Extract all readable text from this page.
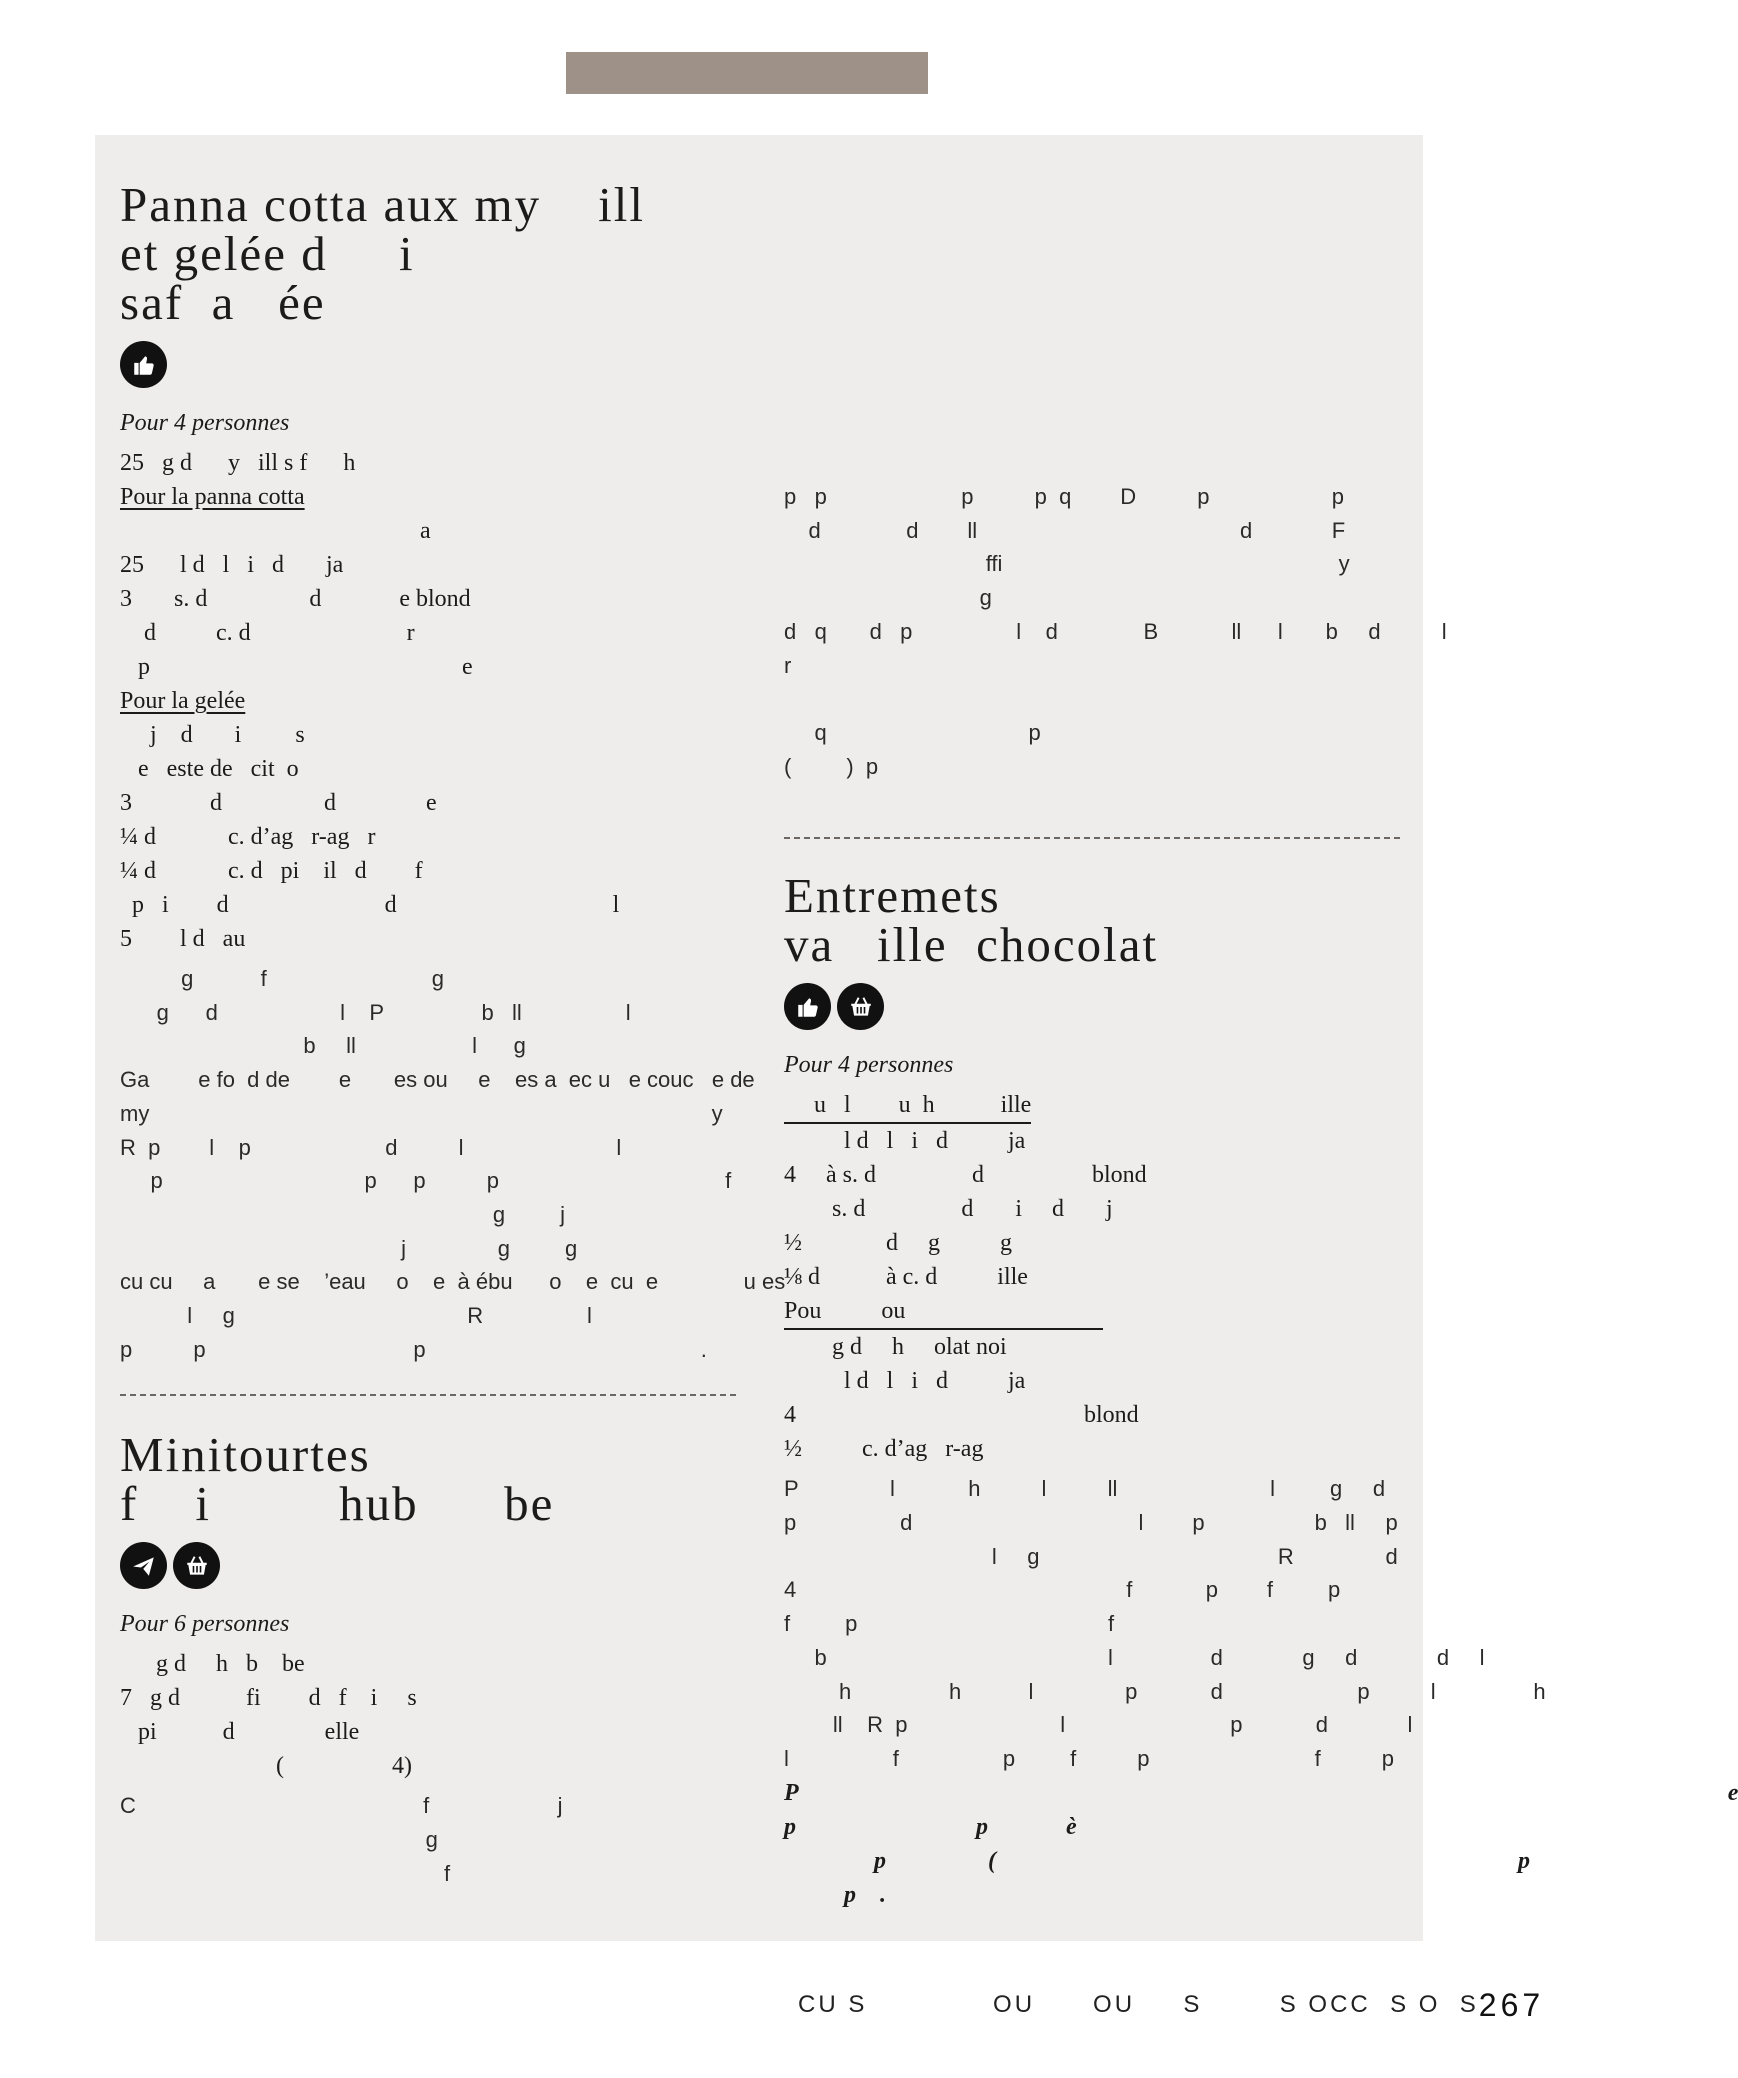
Panna cotta aux my    ill
et gelée d     i
saf  a   ée
Pour 4 personnes

25   g d      y   ill s f      h

Pour la panna cotta

a

25      l d   l   i   d       ja

3       s. d                 d             e blond

d          c. d                          r

p                                                    e

Pour la gelée

j    d       i         s

e   este de   cit  o

3             d                 d               e

¼ d            c. d’ag   r-ag   r

¼ d            c. d   pi    il   d        f

p   i        d                          d                                    l

5        l d   au

g           f                           g

g      d                    l    P                b   ll                 l

b     ll                   l      g

Ga        e fo  d de        e       es ou     e    es a  ec u   e couc   e de

my                                                                                            y

R  p        l    p                      d          l                         l

p                                 p      p          p                                     f

g         j

j               g         g

cu cu     a       e se    ’eau     o    e  à ébu      o    e  cu  e              u es

l     g                                      R                 l

p          p                                  p                                             .

Minitourtes
f    i         hub      be
Pour 6 personnes

g d     h   b    be

7   g d           fi        d   f    i     s

pi           d               elle

(                  4)

C                                               f                     j

g

f

p   p                      p          p  q        D          p                    p

d              d        ll                                           d             F

ffi                                                       y

g

d   q       d   p                 l    d              B            ll      l       b     d          l

r

q                                 p

(         )  p

Entremets
va   ille  chocolat
Pour 4 personnes
u   l        u  h           ille

l d   l   i   d          ja

4     à s. d                d                  blond

s. d                d       i     d       j

½              d     g          g

⅛ d           à c. d          ille

Pou          ou

g d     h     olat noi

l d   l   i   d          ja

4                                                blond

½          c. d’ag   r-ag

P               l            h          l          ll                         l         g     d

p                 d                                     l        p                  b   ll     p

l     g                                       R               d

4                                                      f            p        f         p

f         p                                         f

b                                              l                d             g     d             d     l

h                h           l               p            d                      p          l                h

ll    R  p                         l                           p            d             l

l                 f                 p         f          p                           f          p

P                                                                                                                                                           e

p                              p             è

p                 (                                                                                       p

p    .

CU S             OU      OU     S        S OCC  S O  S 267
